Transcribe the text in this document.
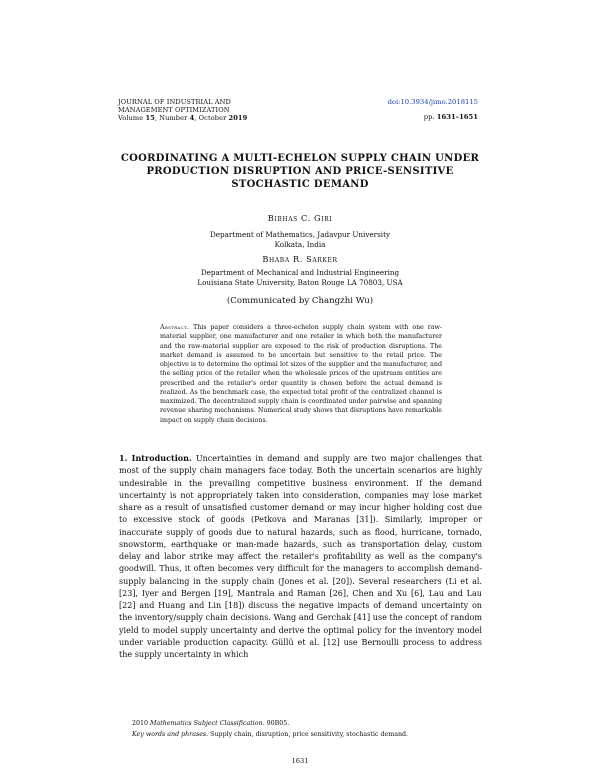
JOURNAL OF INDUSTRIAL AND
MANAGEMENT OPTIMIZATION
Volume 15, Number 4, October 2019
doi:10.3934/jimo.2018115
pp. 1631–1651
COORDINATING A MULTI-ECHELON SUPPLY CHAIN UNDER
PRODUCTION DISRUPTION AND PRICE-SENSITIVE
STOCHASTIC DEMAND
Bibhas C. Giri
Department of Mathematics, Jadavpur University
Kolkata, India
Bhaba R. Sarker
Department of Mechanical and Industrial Engineering
Louisiana State University, Baton Rouge LA 70803, USA
(Communicated by Changzhi Wu)
Abstract. This paper considers a three-echelon supply chain system with one raw-material supplier, one manufacturer and one retailer in which both the manufacturer and the raw-material supplier are exposed to the risk of production disruptions. The market demand is assumed to be uncertain but sensitive to the retail price. The objective is to determine the optimal lot sizes of the supplier and the manufacturer, and the selling price of the retailer when the wholesale prices of the upstream entities are prescribed and the retailer's order quantity is chosen before the actual demand is realized. As the benchmark case, the expected total profit of the centralized channel is maximized. The decentralized supply chain is coordinated under pairwise and spanning revenue sharing mechanisms. Numerical study shows that disruptions have remarkable impact on supply chain decisions.
1. Introduction. Uncertainties in demand and supply are two major challenges that most of the supply chain managers face today. Both the uncertain scenarios are highly undesirable in the prevailing competitive business environment. If the demand uncertainty is not appropriately taken into consideration, companies may lose market share as a result of unsatisfied customer demand or may incur higher holding cost due to excessive stock of goods (Petkova and Maranas [31]). Similarly, improper or inaccurate supply of goods due to natural hazards, such as flood, hurricane, tornado, snowstorm, earthquake or man-made hazards, such as transportation delay, custom delay and labor strike may affect the retailer's profitability as well as the company's goodwill. Thus, it often becomes very difficult for the managers to accomplish demand-supply balancing in the supply chain (Jones et al. [20]). Several researchers (Li et al. [23], Iyer and Bergen [19], Mantrala and Raman [26], Chen and Xu [6], Lau and Lau [22] and Huang and Lin [18]) discuss the negative impacts of demand uncertainty on the inventory/supply chain decisions. Wang and Gerchak [41] use the concept of random yield to model supply uncertainty and derive the optimal policy for the inventory model under variable production capacity. Güllü et al. [12] use Bernoulli process to address the supply uncertainty in which
2010 Mathematics Subject Classification. 90B05.
Key words and phrases. Supply chain, disruption, price sensitivity, stochastic demand.
1631
